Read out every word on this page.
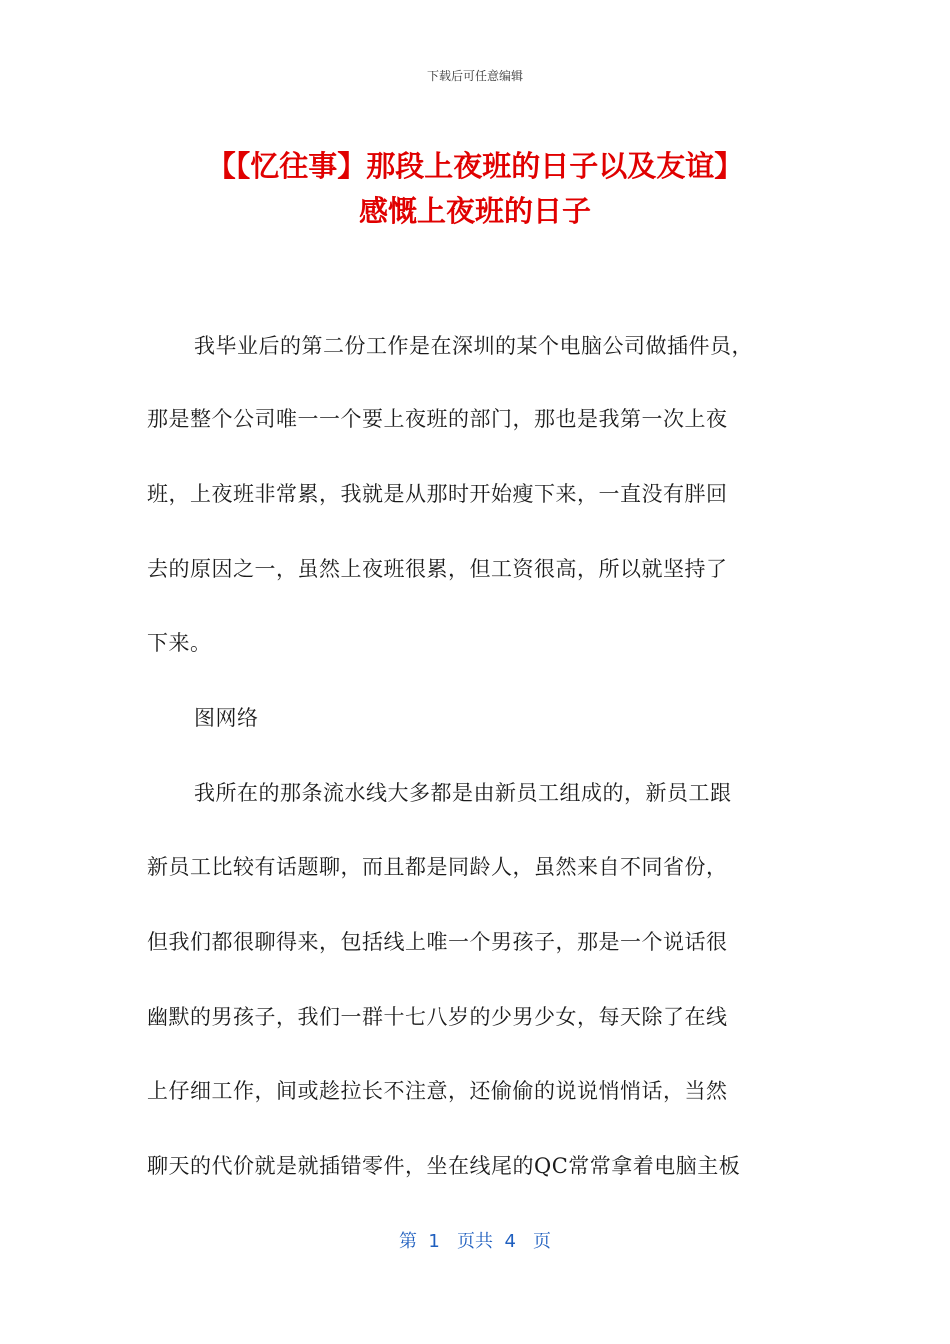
下载后可任意编辑
【【忆往事】那段上夜班的日子以及友谊】
感慨上夜班的日子
我毕业后的第二份工作是在深圳的某个电脑公司做插件员，
那是整个公司唯一一个要上夜班的部门，那也是我第一次上夜
班，上夜班非常累，我就是从那时开始瘦下来，一直没有胖回
去的原因之一，虽然上夜班很累，但工资很高，所以就坚持了
下来。
图网络
我所在的那条流水线大多都是由新员工组成的，新员工跟
新员工比较有话题聊，而且都是同龄人，虽然来自不同省份，
但我们都很聊得来，包括线上唯一个男孩子，那是一个说话很
幽默的男孩子，我们一群十七八岁的少男少女，每天除了在线
上仔细工作，间或趁拉长不注意，还偷偷的说说悄悄话，当然
聊天的代价就是就插错零件，坐在线尾的QC常常拿着电脑主板
第  1   页共  4   页
